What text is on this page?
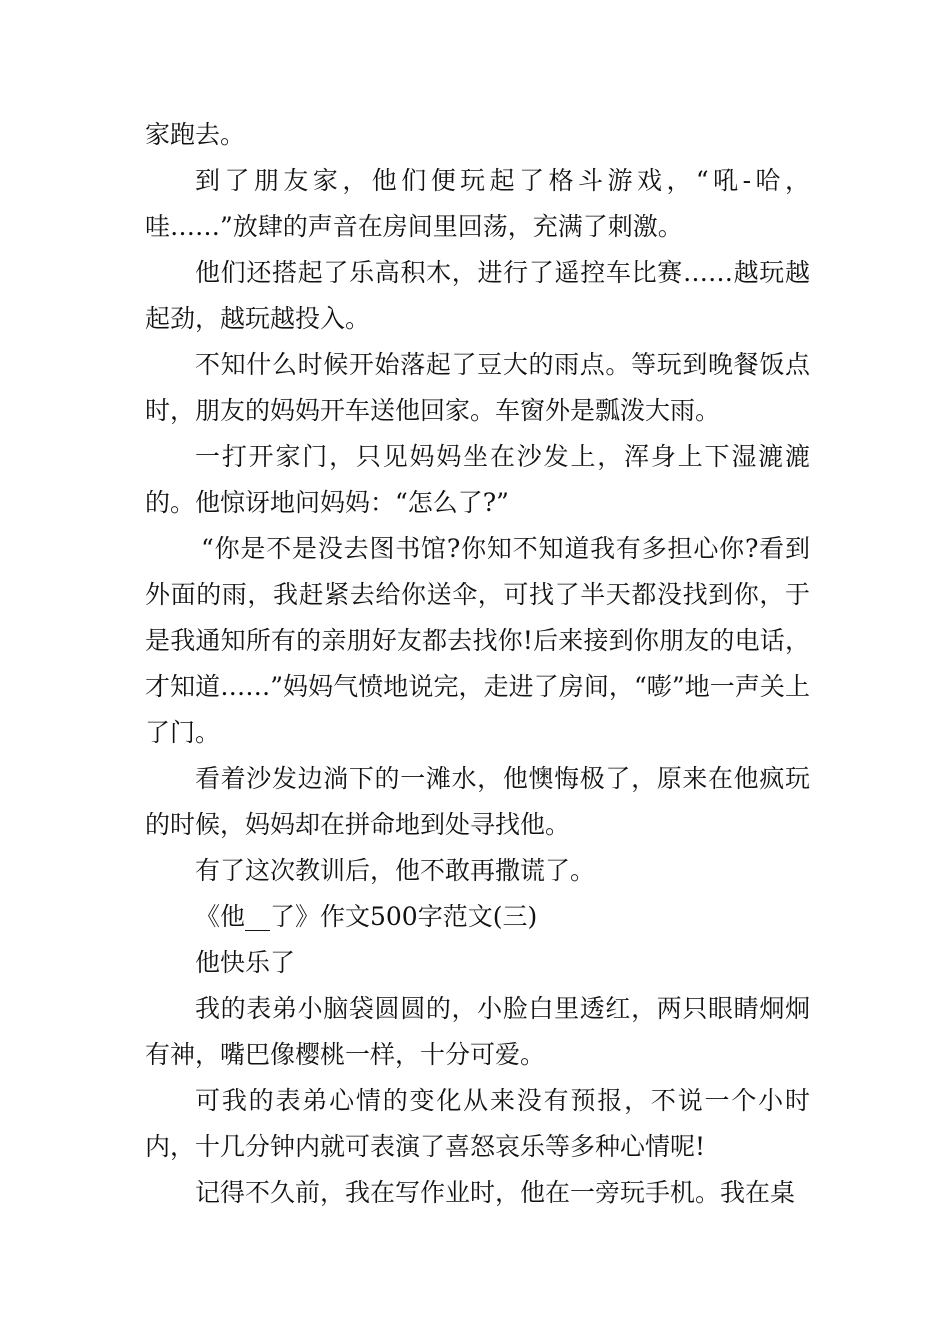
家跑去。

到了朋友家，他们便玩起了格斗游戏，“吼-哈，哇……”放肆的声音在房间里回荡，充满了刺激。

他们还搭起了乐高积木，进行了遥控车比赛……越玩越起劲，越玩越投入。

不知什么时候开始落起了豆大的雨点。等玩到晚餐饭点时，朋友的妈妈开车送他回家。车窗外是瓢泼大雨。

一打开家门，只见妈妈坐在沙发上，浑身上下湿漉漉的。他惊讶地问妈妈：“怎么了?”

“你是不是没去图书馆?你知不知道我有多担心你?看到外面的雨，我赶紧去给你送伞，可找了半天都没找到你，于是我通知所有的亲朋好友都去找你!后来接到你朋友的电话，才知道……”妈妈气愤地说完，走进了房间，“嘭”地一声关上了门。

看着沙发边淌下的一滩水，他懊悔极了，原来在他疯玩的时候，妈妈却在拼命地到处寻找他。

有了这次教训后，他不敢再撒谎了。

《他__了》作文500字范文(三)

他快乐了

我的表弟小脑袋圆圆的，小脸白里透红，两只眼睛炯炯有神，嘴巴像樱桃一样，十分可爱。

可我的表弟心情的变化从来没有预报，不说一个小时内，十几分钟内就可表演了喜怒哀乐等多种心情呢!

记得不久前，我在写作业时，他在一旁玩手机。我在桌
